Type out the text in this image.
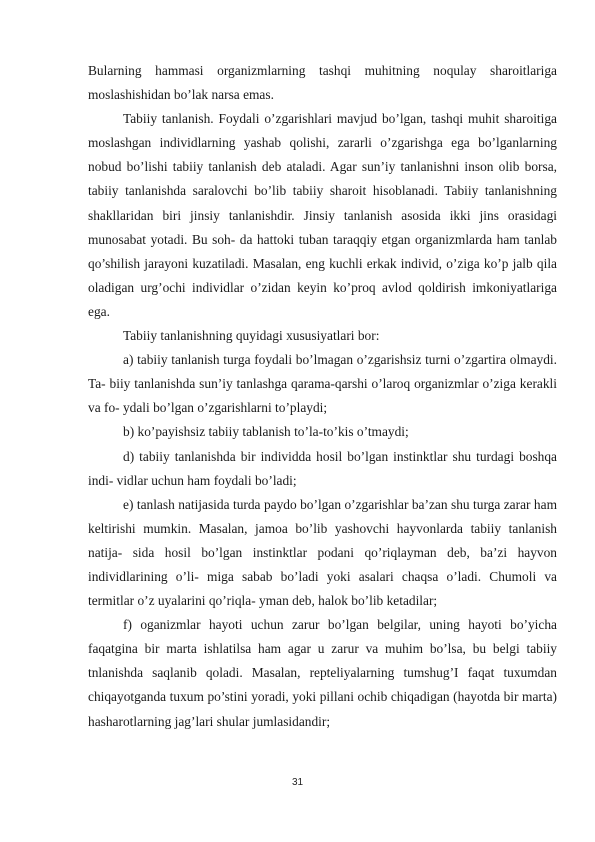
Bularning hammasi organizmlarning tashqi muhitning noqulay sharoitlariga moslashishidan bo’lak narsa emas.

Tabiiy tanlanish. Foydali o’zgarishlari mavjud bo’lgan, tashqi muhit sharoitiga moslashgan individlarning yashab qolishi, zararli o’zgarishga ega bo’lganlarning nobud bo’lishi tabiiy tanlanish deb ataladi. Agar sun’iy tanlanishni inson olib borsa, tabiiy tanlanishda saralovchi bo’lib tabiiy sharoit hisoblanadi. Tabiiy tanlanishning shakllaridan biri jinsiy tanlanishdir. Jinsiy tanlanish asosida ikki jins orasidagi munosabat yotadi. Bu soh- da hattoki tuban taraqqiy etgan organizmlarda ham tanlab qo’shilish jarayoni kuzatiladi. Masalan, eng kuchli erkak individ, o’ziga ko’p jalb qila oladigan urg’ochi individlar o’zidan keyin ko’proq avlod qoldirish imkoniyatlariga ega.

Tabiiy tanlanishning quyidagi xususiyatlari bor:

a) tabiiy tanlanish turga foydali bo’lmagan o’zgarishsiz turni o’zgartira olmaydi. Ta- biiy tanlanishda sun’iy tanlashga qarama-qarshi o’laroq organizmlar o’ziga kerakli va fo- ydali bo’lgan o’zgarishlarni to’playdi;

b) ko’payishsiz tabiiy tablanish to’la-to’kis o’tmaydi;

d) tabiiy tanlanishda bir individda hosil bo’lgan instinktlar shu turdagi boshqa indi- vidlar uchun ham foydali bo’ladi;

e) tanlash natijasida turda paydo bo’lgan o’zgarishlar ba’zan shu turga zarar ham keltirishi mumkin. Masalan, jamoa bo’lib yashovchi hayvonlarda tabiiy tanlanish natija- sida hosil bo’lgan instinktlar podani qo’riqlayman deb, ba’zi hayvon individlarining o’li- miga sabab bo’ladi yoki asalari chaqsa o’ladi. Chumoli va termitlar o’z uyalarini qo’riqla- yman deb, halok bo’lib ketadilar;

f) oganizmlar hayoti uchun zarur bo’lgan belgilar, uning hayoti bo’yicha faqatgina bir marta ishlatilsa ham agar u zarur va muhim bo’lsa, bu belgi tabiiy tnlanishda saqlanib qoladi. Masalan, repteliyalarning tumshug’I faqat tuxumdan chiqayotganda tuxum po’stini yoradi, yoki pillani ochib chiqadigan (hayotda bir marta) hasharotlarning jag’lari shular jumlasidandir;

31
